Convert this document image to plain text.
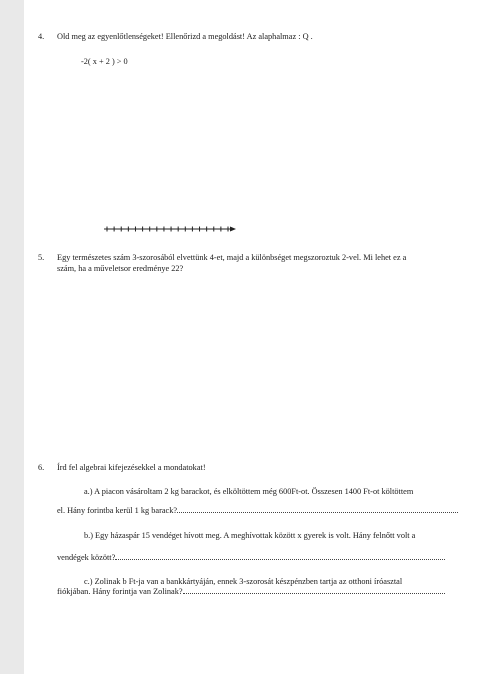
4. Old meg az egyenlőtlenségeket! Ellenőrizd a megoldást! Az alaphalmaz : Q .
-2( x + 2 ) > 0
5. Egy természetes szám 3-szorosából elvettünk 4-et, majd a különbséget megszoroztuk 2-vel. Mi lehet ez a
szám, ha a műveletsor eredménye 22?
6. Írd fel algebrai kifejezésekkel a mondatokat!
a.) A piacon vásároltam 2 kg barackot, és elköltöttem még 600Ft-ot. Összesen 1400 Ft-ot költöttem
el. Hány forintba kerül 1 kg barack?
b.) Egy házaspár 15 vendéget hívott meg. A meghívottak között x gyerek is volt. Hány felnőtt volt a
vendégek között?
c.) Zolinak b Ft-ja van a bankkártyáján, ennek 3-szorosát készpénzben tartja az otthoni íróasztal
fiókjában. Hány forintja van Zolinak?
